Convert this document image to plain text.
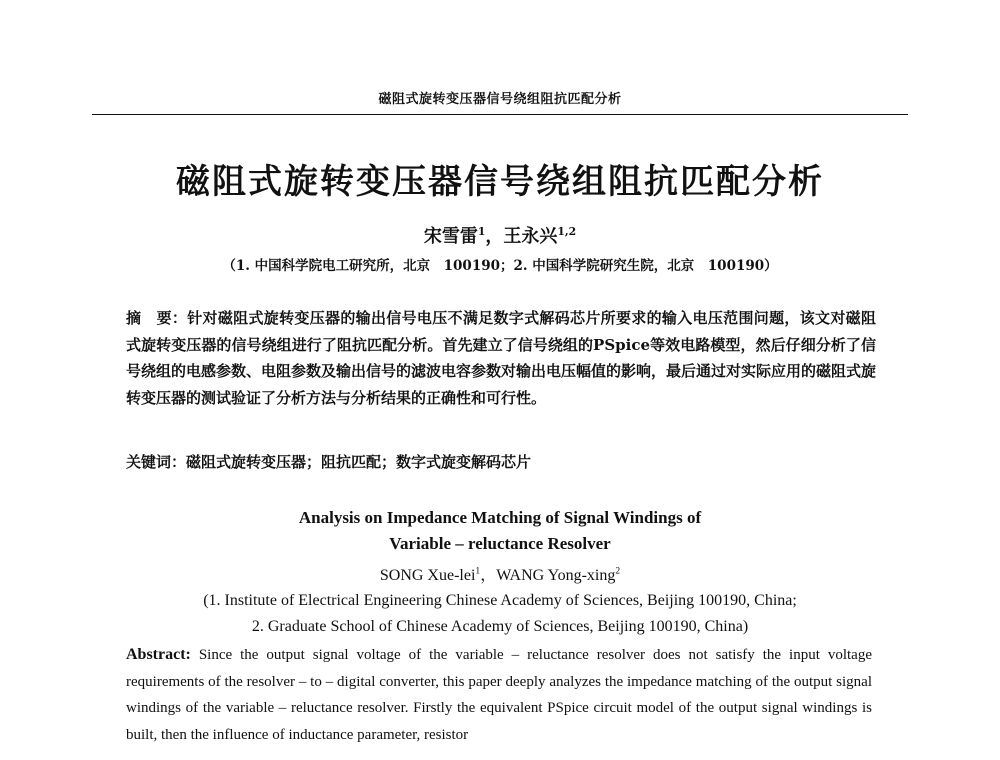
磁阻式旋转变压器信号绕组阻抗匹配分析
磁阻式旋转变压器信号绕组阻抗匹配分析
宋雪雷$^1$，王永兴$^{1,2}$
（1. 中国科学院电工研究所，北京　100190；2. 中国科学院研究生院，北京　100190）
摘　要：针对磁阻式旋转变压器的输出信号电压不满足数字式解码芯片所要求的输入电压范围问题，该文对磁阻式旋转变压器的信号绕组进行了阻抗匹配分析。首先建立了信号绕组的PSpice等效电路模型，然后仔细分析了信号绕组的电感参数、电阻参数及输出信号的滤波电容参数对输出电压幅值的影响，最后通过对实际应用的磁阻式旋转变压器的测试验证了分析方法与分析结果的正确性和可行性。
关键词：磁阻式旋转变压器；阻抗匹配；数字式旋变解码芯片
Analysis on Impedance Matching of Signal Windings of
Variable – reluctance Resolver
SONG Xue-lei$^1$，WANG Yong-xing$^2$
(1. Institute of Electrical Engineering Chinese Academy of Sciences, Beijing 100190, China;
2. Graduate School of Chinese Academy of Sciences, Beijing 100190, China)
Abstract: Since the output signal voltage of the variable – reluctance resolver does not satisfy the input voltage requirements of the resolver – to – digital converter, this paper deeply analyzes the impedance matching of the output signal windings of the variable – reluctance resolver. Firstly the equivalent PSpice circuit model of the output signal windings is built, then the influence of inductance parameter, resistor
